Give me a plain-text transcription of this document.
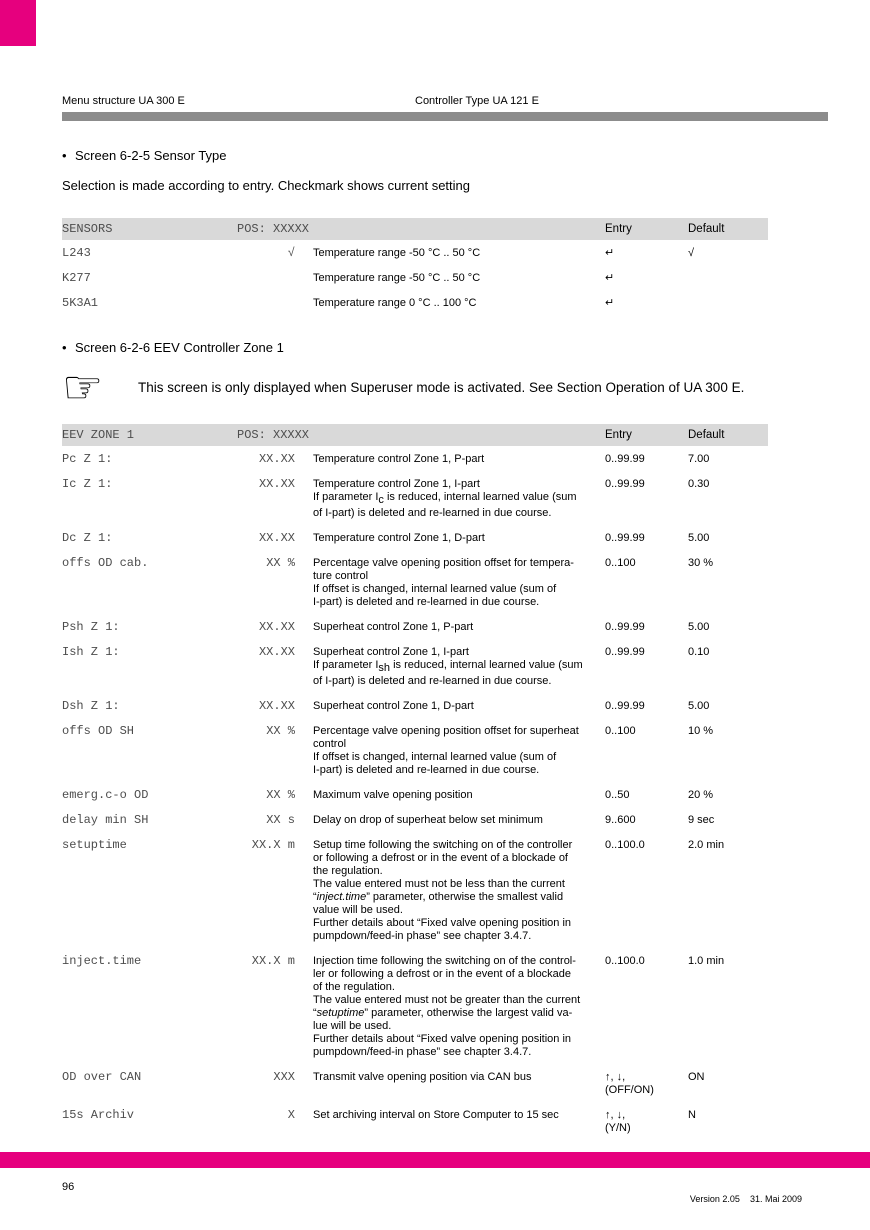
Menu structure UA 300 E	Controller Type UA 121 E
• Screen 6-2-5 Sensor Type
Selection is made according to entry. Checkmark shows current setting
SENSORS	POS: XXXXX	Entry	Default
L243	√ Temperature range -50 °C .. 50 °C	↵	√
K277	Temperature range -50 °C .. 50 °C	↵
5K3A1	Temperature range 0 °C .. 100 °C	↵
• Screen 6-2-6 EEV Controller Zone 1
☞	This screen is only displayed when Superuser mode is activated. See Section Operation of UA 300 E.
EEV ZONE 1	POS: XXXXX	Entry	Default
Pc Z 1:	XX.XX Temperature control Zone 1, P-part	0..99.99	7.00
Ic Z 1:	XX.XX Temperature control Zone 1, I-part
If parameter $I_c$ is reduced, internal learned value (sum
of I-part) is deleted and re-learned in due course.
0..99.99	0.30
Dc Z 1:	XX.XX Temperature control Zone 1, D-part	0..99.99	5.00
offs OD cab.	XX % Percentage valve opening position offset for tempera-
ture control
If offset is changed, internal learned value (sum of
I-part) is deleted and re-learned in due course.
0..100	30 %
Psh Z 1:	XX.XX Superheat control Zone 1, P-part	0..99.99	5.00
Ish Z 1:	XX.XX Superheat control Zone 1, I-part
If parameter $I_{sh}$ is reduced, internal learned value (sum
of I-part) is deleted and re-learned in due course.
0..99.99	0.10
Dsh Z 1:	XX.XX Superheat control Zone 1, D-part	0..99.99	5.00
offs OD SH	XX % Percentage valve opening position offset for superheat
control
If offset is changed, internal learned value (sum of
I-part) is deleted and re-learned in due course.
0..100	10 %
emerg.c-o OD	XX % Maximum valve opening position	0..50	20 %
delay min SH	XX s Delay on drop of superheat below set minimum	9..600	9 sec
setuptime	XX.X m Setup time following the switching on of the controller
or following a defrost or in the event of a blockade of
the regulation.
The value entered must not be less than the current
“inject.time” parameter, otherwise the smallest valid
value will be used.
Further details about “Fixed valve opening position in
pumpdown/feed-in phase” see chapter 3.4.7.
0..100.0	2.0 min
inject.time	XX.X m Injection time following the switching on of the control-
ler or following a defrost or in the event of a blockade
of the regulation.
The value entered must not be greater than the current
“setuptime” parameter, otherwise the largest valid va-
lue will be used.
Further details about “Fixed valve opening position in
pumpdown/feed-in phase” see chapter 3.4.7.
0..100.0	1.0 min
OD over CAN	XXX Transmit valve opening position via CAN bus	↑, ↓,
(OFF/ON)
ON
15s Archiv	X Set archiving interval on Store Computer to 15 sec	↑, ↓,
(Y/N)
N
96

Version 2.05 31. Mai 2009
